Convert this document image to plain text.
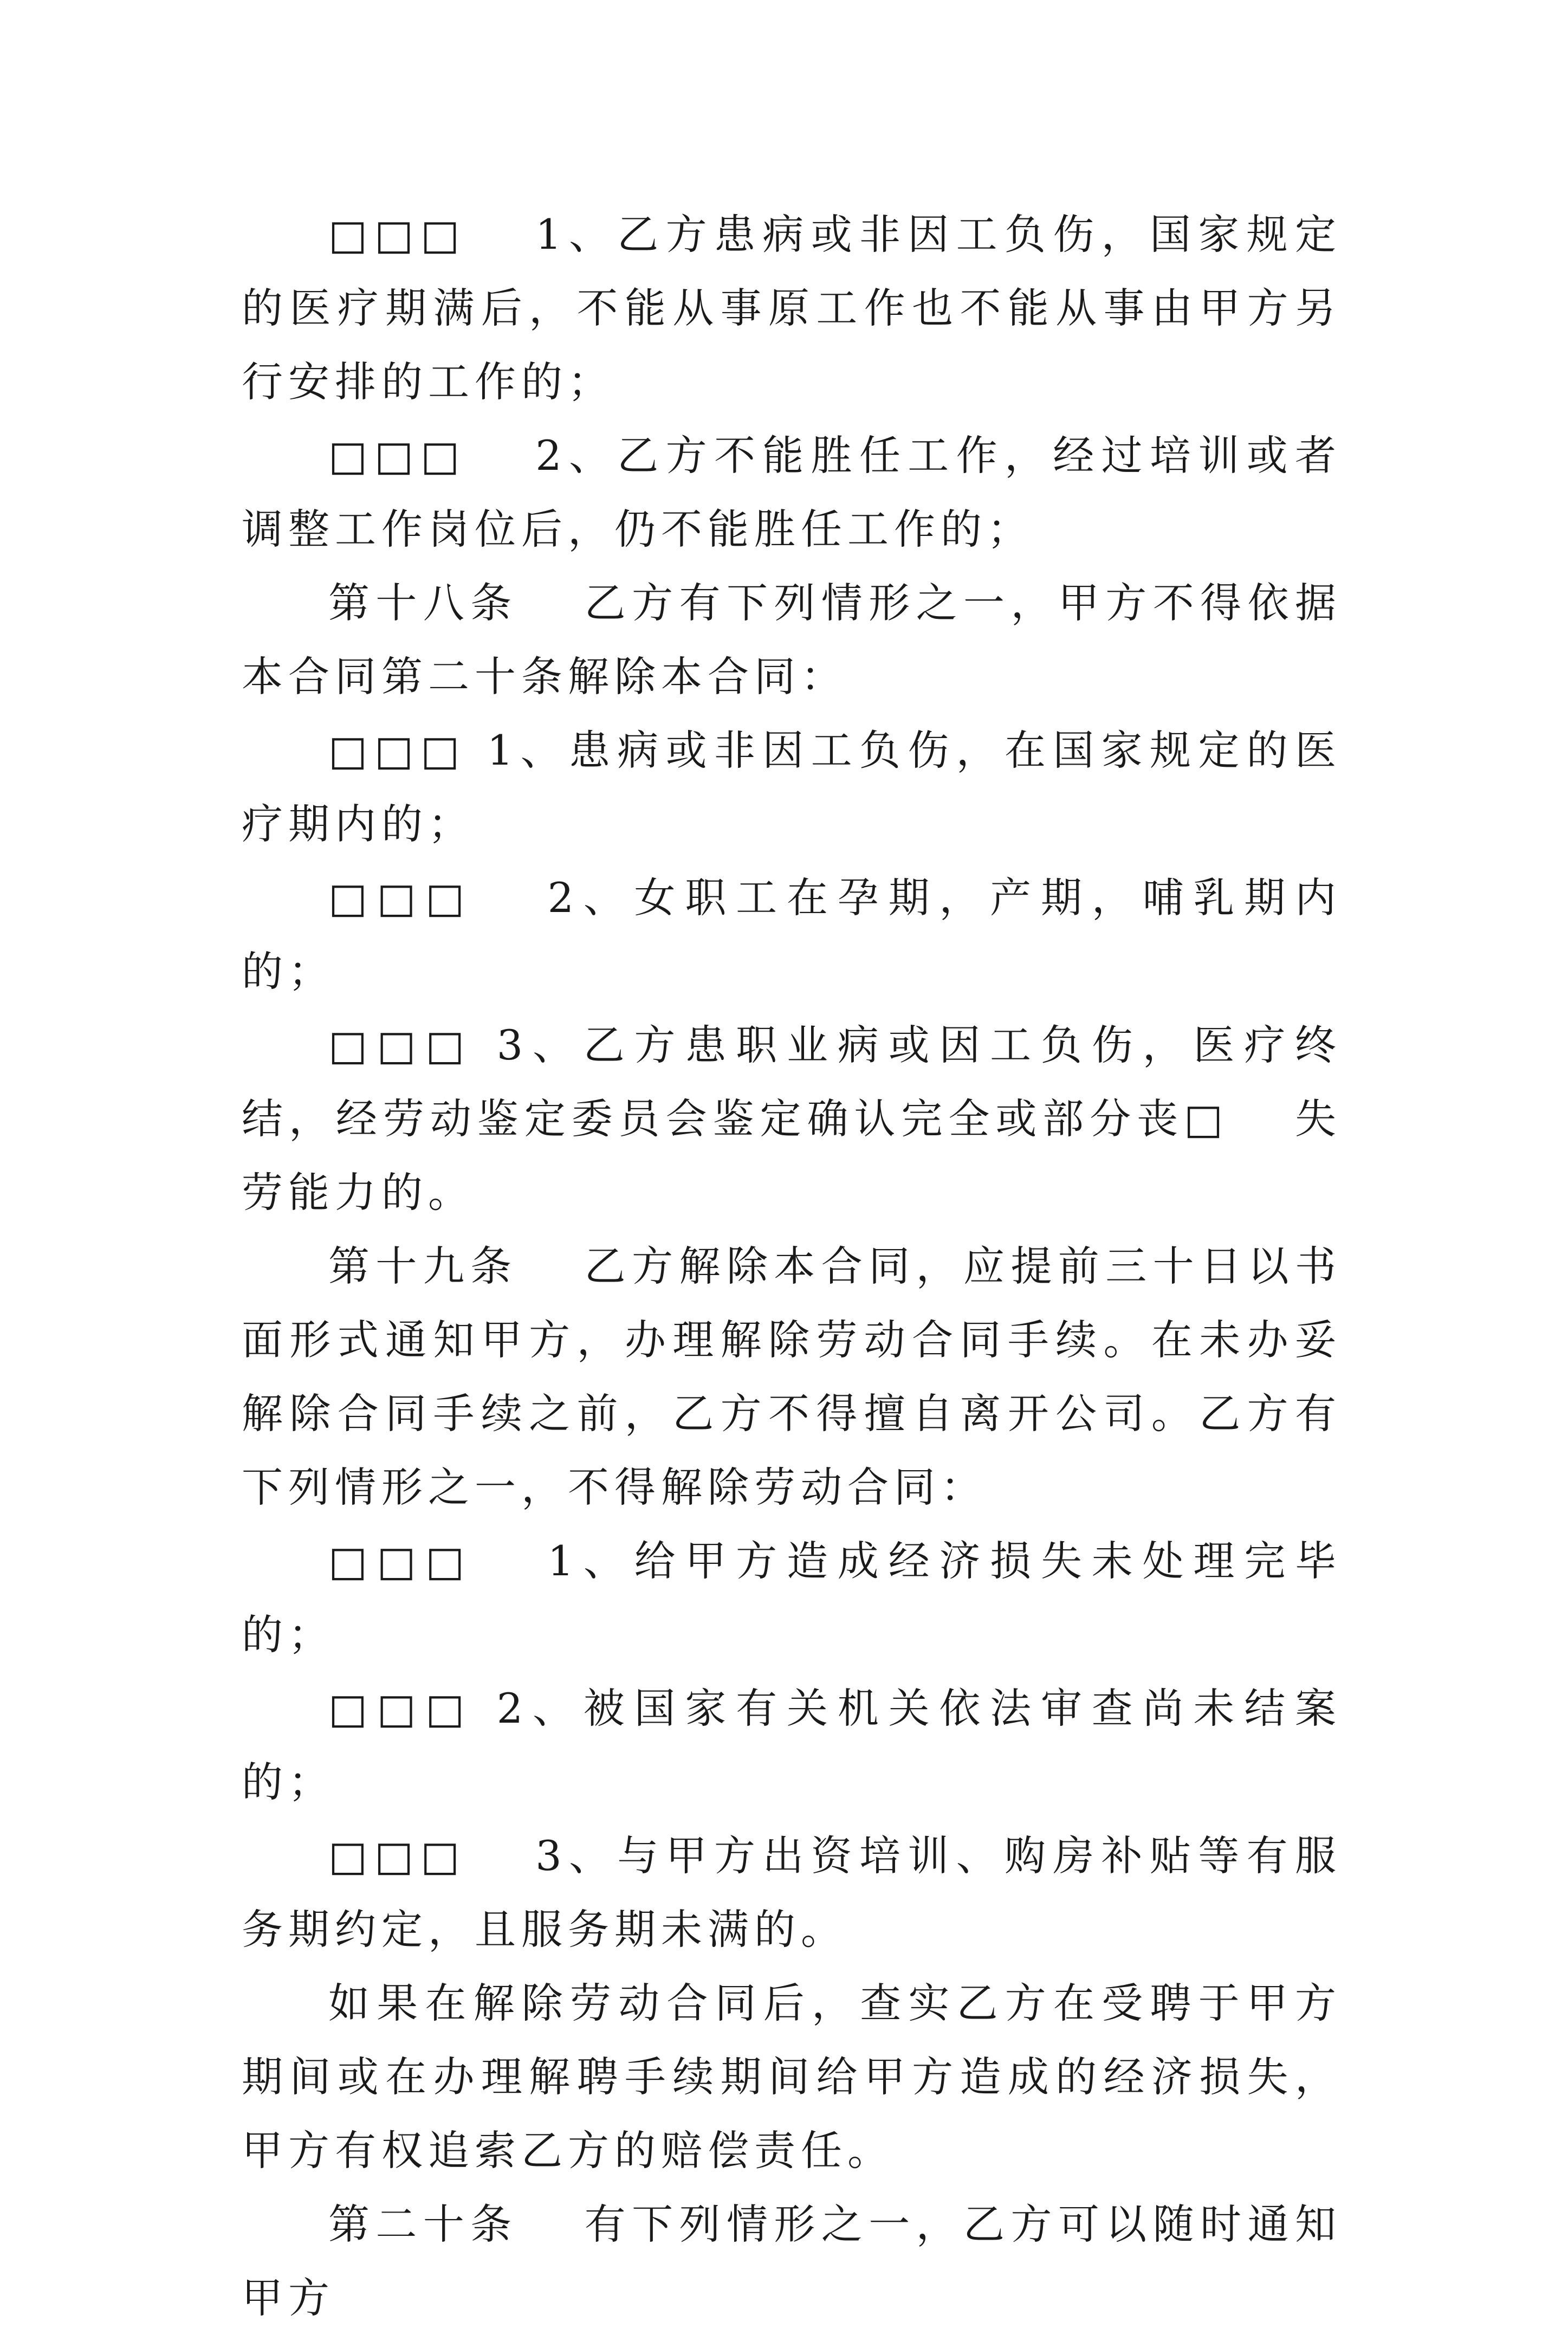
□□□　 1、乙方患病或非因工负伤，国家规定的医疗期满后，不能从事原工作也不能从事由甲方另行安排的工作的；

□□□　 2、乙方不能胜任工作，经过培训或者调整工作岗位后，仍不能胜任工作的；

第十八条　 乙方有下列情形之一，甲方不得依据本合同第二十条解除本合同：

□□□ 1、患病或非因工负伤，在国家规定的医疗期内的；

□□□　 2、女职工在孕期，产期，哺乳期内的；

□□□ 3、乙方患职业病或因工负伤，医疗终结，经劳动鉴定委员会鉴定确认完全或部分丧□　 失劳能力的。

第十九条　 乙方解除本合同，应提前三十日以书面形式通知甲方，办理解除劳动合同手续。在未办妥解除合同手续之前，乙方不得擅自离开公司。乙方有下列情形之一，不得解除劳动合同：

□□□　 1、给甲方造成经济损失未处理完毕的；

□□□ 2、被国家有关机关依法审查尚未结案的；

□□□　 3、与甲方出资培训、购房补贴等有服务期约定，且服务期未满的。

如果在解除劳动合同后，查实乙方在受聘于甲方期间或在办理解聘手续期间给甲方造成的经济损失，甲方有权追索乙方的赔偿责任。

第二十条　 有下列情形之一，乙方可以随时通知甲方
